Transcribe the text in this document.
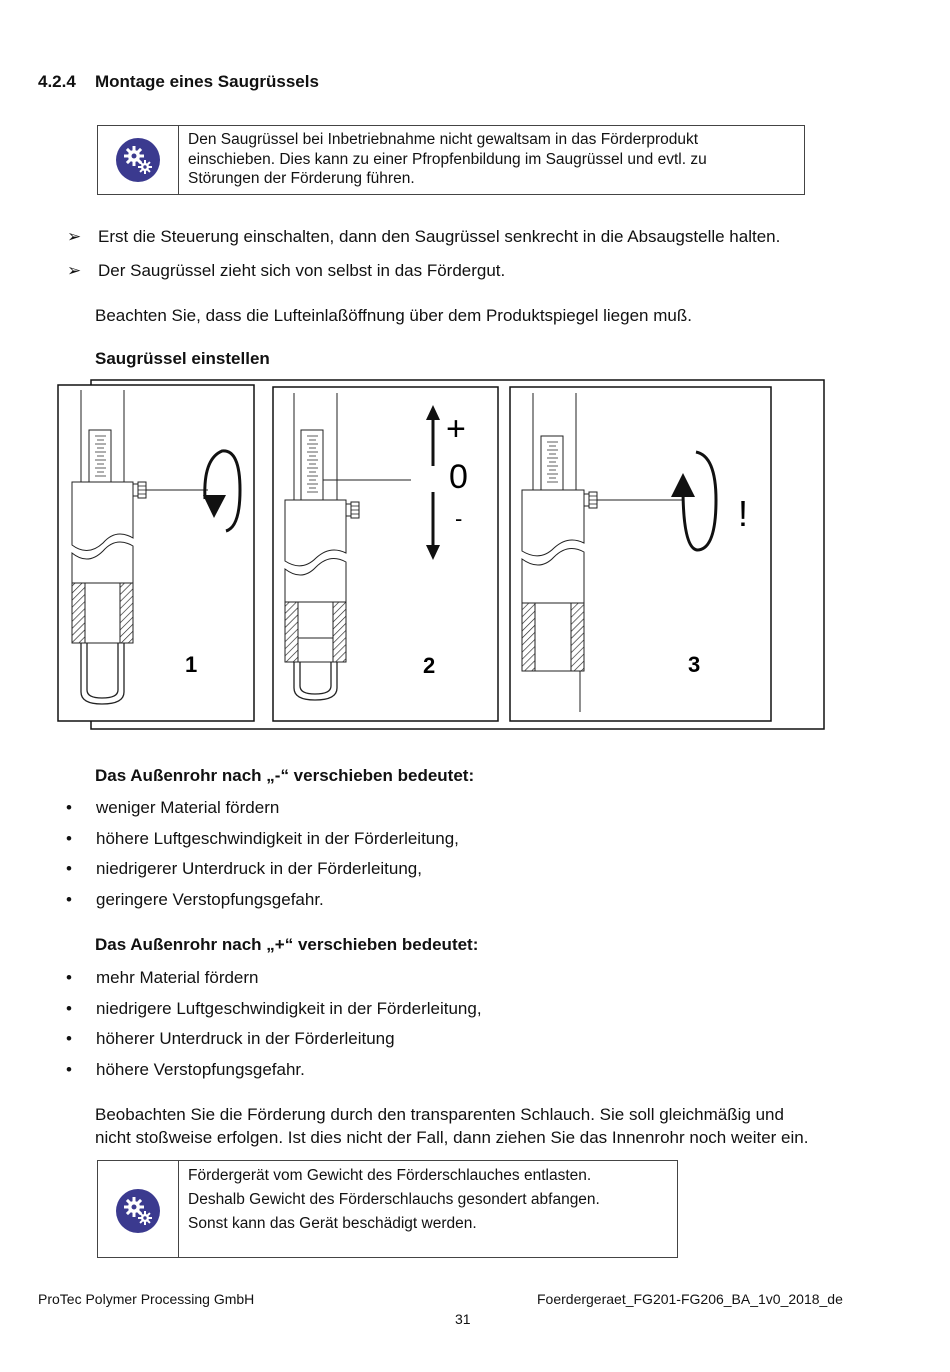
4.2.4 Montage eines Saugrüssels
Den Saugrüssel bei Inbetriebnahme nicht gewaltsam in das Förderprodukt
einschieben. Dies kann zu einer Pfropfenbildung im Saugrüssel und evtl. zu
Störungen der Förderung führen.
➢ Erst die Steuerung einschalten, dann den Saugrüssel senkrecht in die Absaugstelle halten.
➢ Der Saugrüssel zieht sich von selbst in das Fördergut.
Beachten Sie, dass die Lufteinlaßöffnung über dem Produktspiegel liegen muß.
Saugrüssel einstellen
1
+
0
-
2
!
3
Das Außenrohr nach „-“ verschieben bedeutet:
• weniger Material fördern
• höhere Luftgeschwindigkeit in der Förderleitung,
• niedrigerer Unterdruck in der Förderleitung,
• geringere Verstopfungsgefahr.
Das Außenrohr nach „+“ verschieben bedeutet:
• mehr Material fördern
• niedrigere Luftgeschwindigkeit in der Förderleitung,
• höherer Unterdruck in der Förderleitung
• höhere Verstopfungsgefahr.
Beobachten Sie die Förderung durch den transparenten Schlauch. Sie soll gleichmäßig und
nicht stoßweise erfolgen. Ist dies nicht der Fall, dann ziehen Sie das Innenrohr noch weiter ein.
Fördergerät vom Gewicht des Förderschlauches entlasten.
Deshalb Gewicht des Förderschlauchs gesondert abfangen.
Sonst kann das Gerät beschädigt werden.
ProTec Polymer Processing GmbH	Foerdergeraet_FG201-FG206_BA_1v0_2018_de
31
